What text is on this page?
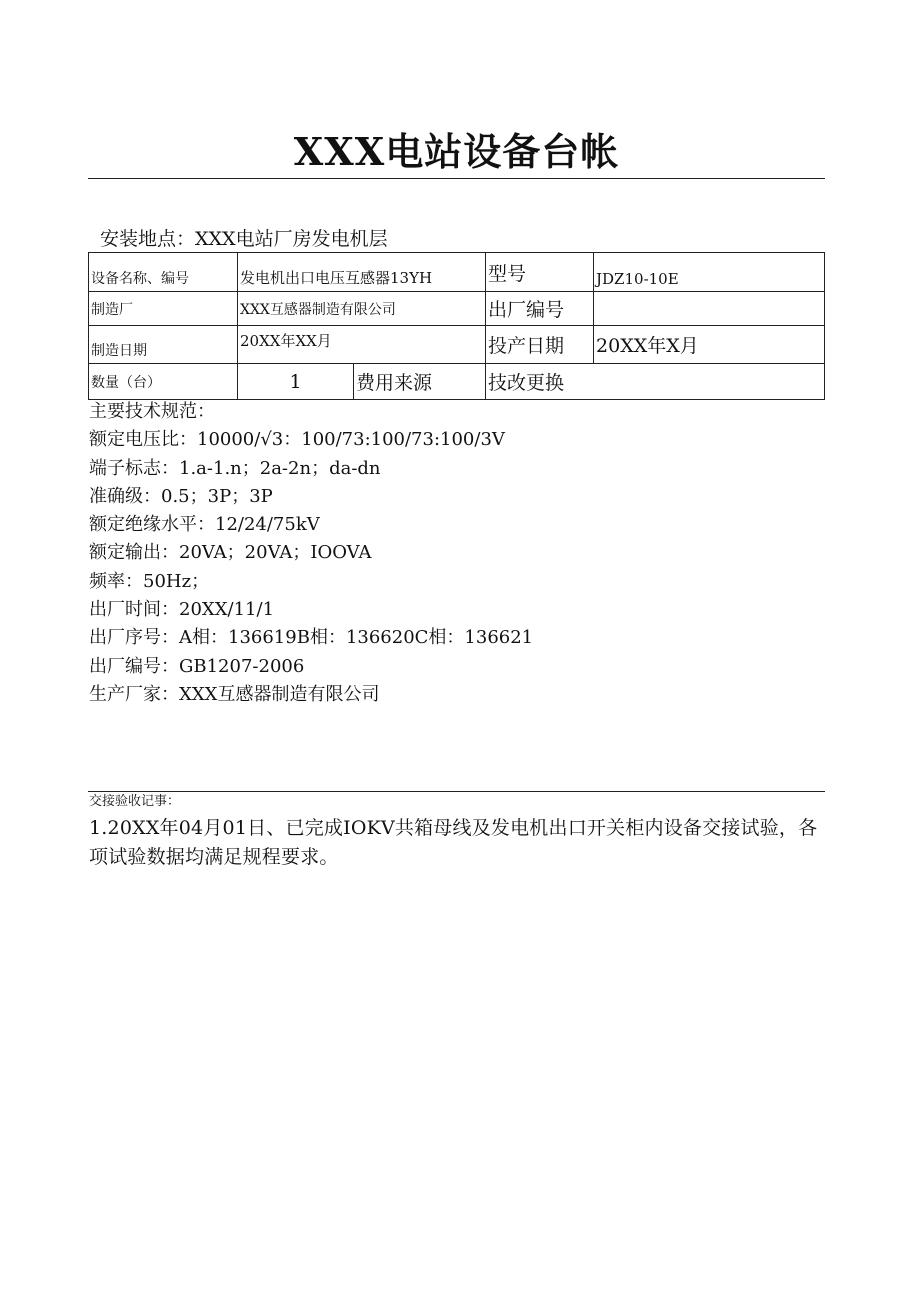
XXX电站设备台帐
安装地点：XXX电站厂房发电机层
设备名称、编号	发电机出口电压互感器13YH		型号	JDZ10-10E
制造厂	XXX互感器制造有限公司		出厂编号	
制造日期	20XX年XX月		投产日期	20XX年X月
数量（台）	1	费用来源	技改更换	
主要技术规范：
额定电压比：10000/√3：100/73:100/73:100/3V
端子标志：1.a-1.n；2a-2n；da-dn
准确级：0.5；3P；3P
额定绝缘水平：12/24/75kV
额定输出：20VA；20VA；IOOVA
频率：50Hz；
出厂时间：20XX/11/1
出厂序号：A相：136619B相：136620C相：136621
出厂编号：GB1207-2006
生产厂家：XXX互感器制造有限公司
交接验收记事：
1.20XX年04月01日、已完成IOKV共箱母线及发电机出口开关柜内设备交接试验，各项试验数据均满足规程要求。
